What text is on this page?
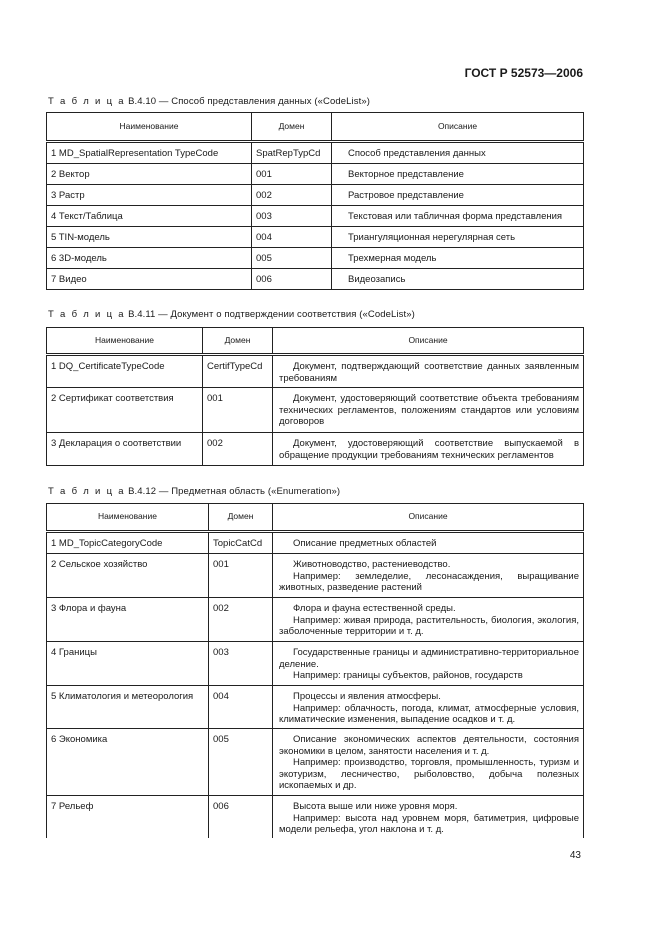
ГОСТ Р 52573—2006
Т а б л и ц а В.4.10 — Способ представления данных («CodeList»)
Наименование	Домен	Описание
1 MD_SpatialRepresentation TypeCode	SpatRepTypCd	Способ представления данных
2 Вектор	001	Векторное представление
3 Растр	002	Растровое представление
4 Текст/Таблица	003	Текстовая или табличная форма представления
5 TIN-модель	004	Триангуляционная нерегулярная сеть
6 3D-модель	005	Трехмерная модель
7 Видео	006	Видеозапись
Т а б л и ц а В.4.11 — Документ о подтверждении соответствия («CodeList»)
Наименование	Домен	Описание
1 DQ_CertificateTypeCode	CertifTypeCd	Документ, подтверждающий соответствие данных заявленным требованиям
2 Сертификат соответствия	001	Документ, удостоверяющий соответствие объекта требованиям технических регламентов, положениям стандартов или условиям договоров
3 Декларация о соответствии	002	Документ, удостоверяющий соответствие выпускаемой в обращение продукции требованиям технических регламентов
Т а б л и ц а В.4.12 — Предметная область («Enumeration»)
Наименование	Домен	Описание
1 MD_TopicCategoryCode	TopicCatCd	Описание предметных областей

2 Сельское хозяйство	001	Животноводство, растениеводство.
Например: земледелие, лесонасаждения, выращивание животных, разведение растений

3 Флора и фауна	002	Флора и фауна естественной среды.
Например: живая природа, растительность, биология, экология, заболоченные территории и т. д.

4 Границы	003	Государственные границы и административно-территориальное деление.
Например: границы субъектов, районов, государств

5 Климатология и метеорология	004	Процессы и явления атмосферы.
Например: облачность, погода, климат, атмосферные условия, климатические изменения, выпадение осадков и т. д.

6 Экономика	005	Описание экономических аспектов деятельности, состояния экономики в целом, занятости населения и т. д.
Например: производство, торговля, промышленность, туризм и экотуризм, лесничество, рыболовство, добыча полезных ископаемых и др.

7 Рельеф	006	Высота выше или ниже уровня моря.
Например: высота над уровнем моря, батиметрия, цифровые модели рельефа, угол наклона и т. д.
43
